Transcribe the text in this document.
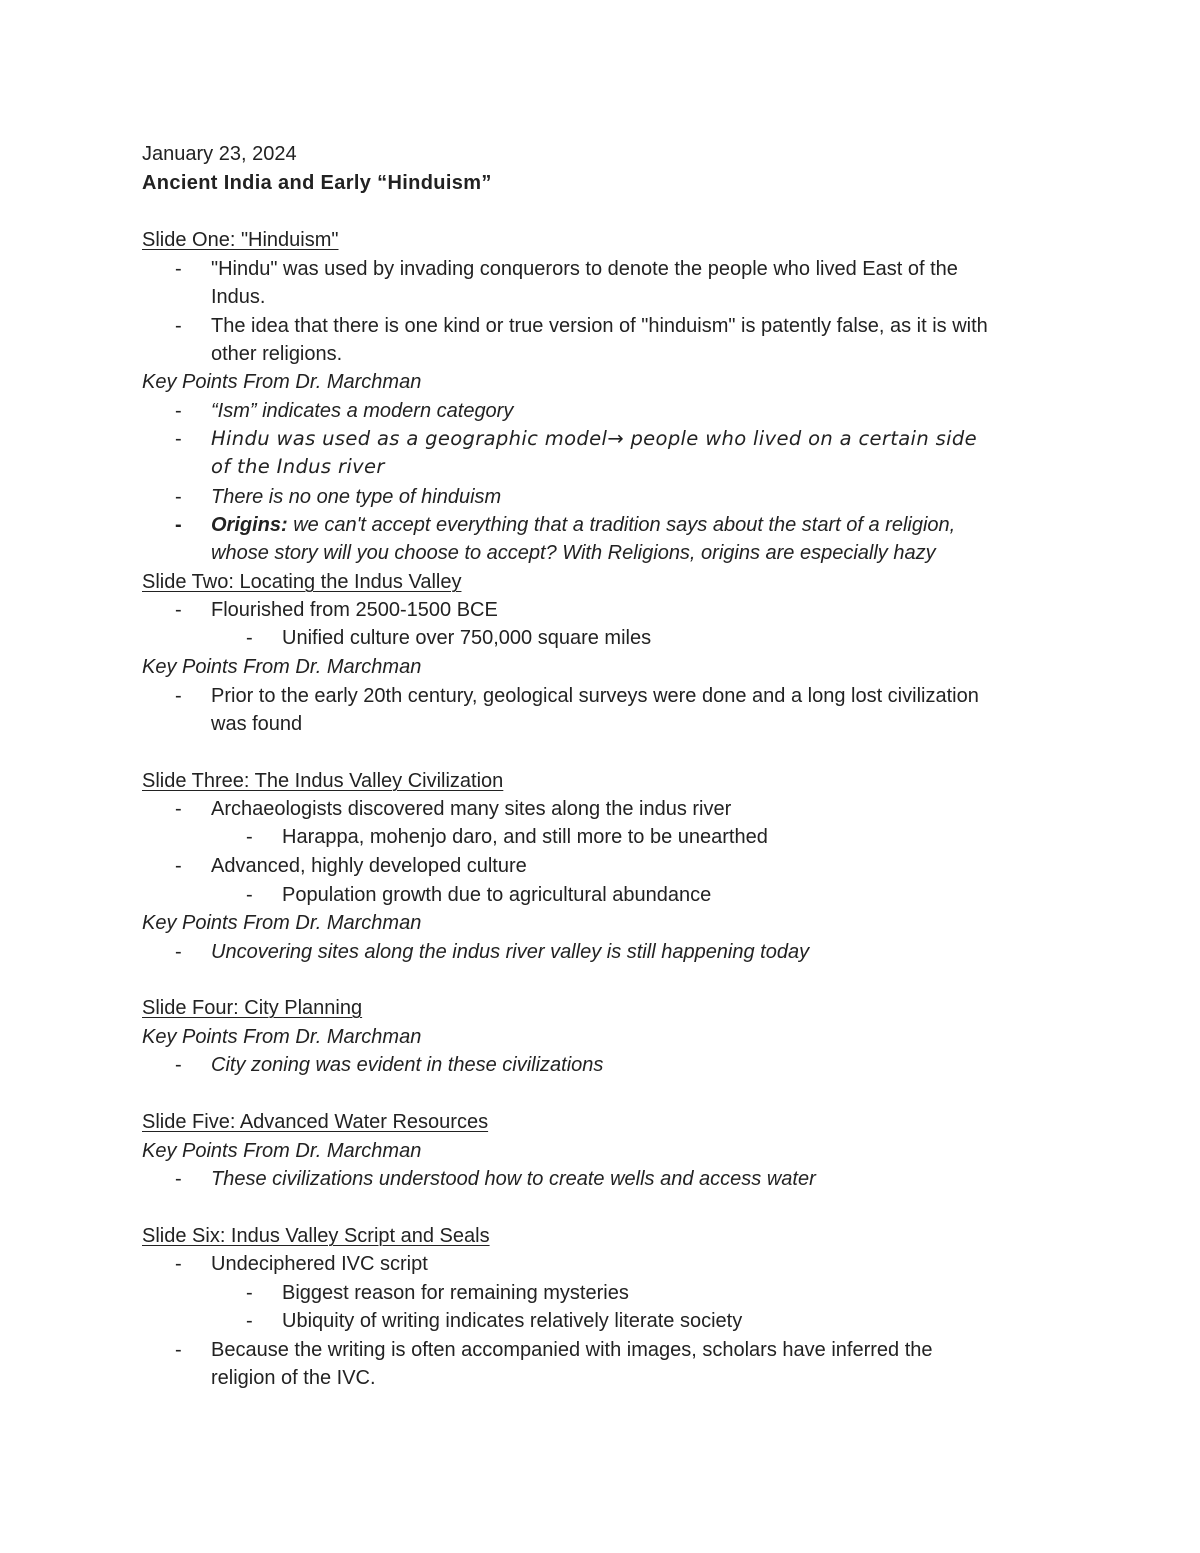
January 23, 2024
Ancient India and Early “Hinduism”
Slide One: "Hinduism"
- "Hindu" was used by invading conquerors to denote the people who lived East of the
Indus.
- The idea that there is one kind or true version of "hinduism" is patently false, as it is with
other religions.
Key Points From Dr. Marchman
- “Ism” indicates a modern category
- Hindu was used as a geographic model→ people who lived on a certain side
of the Indus river
- There is no one type of hinduism
- Origins: we can't accept everything that a tradition says about the start of a religion,
whose story will you choose to accept? With Religions, origins are especially hazy
Slide Two: Locating the Indus Valley
- Flourished from 2500-1500 BCE
- Unified culture over 750,000 square miles
Key Points From Dr. Marchman
- Prior to the early 20th century, geological surveys were done and a long lost civilization
was found
Slide Three: The Indus Valley Civilization
- Archaeologists discovered many sites along the indus river
- Harappa, mohenjo daro, and still more to be unearthed
- Advanced, highly developed culture
- Population growth due to agricultural abundance
Key Points From Dr. Marchman
- Uncovering sites along the indus river valley is still happening today
Slide Four: City Planning
Key Points From Dr. Marchman
- City zoning was evident in these civilizations
Slide Five: Advanced Water Resources
Key Points From Dr. Marchman
- These civilizations understood how to create wells and access water
Slide Six: Indus Valley Script and Seals
- Undeciphered IVC script
- Biggest reason for remaining mysteries
- Ubiquity of writing indicates relatively literate society
- Because the writing is often accompanied with images, scholars have inferred the
religion of the IVC.
